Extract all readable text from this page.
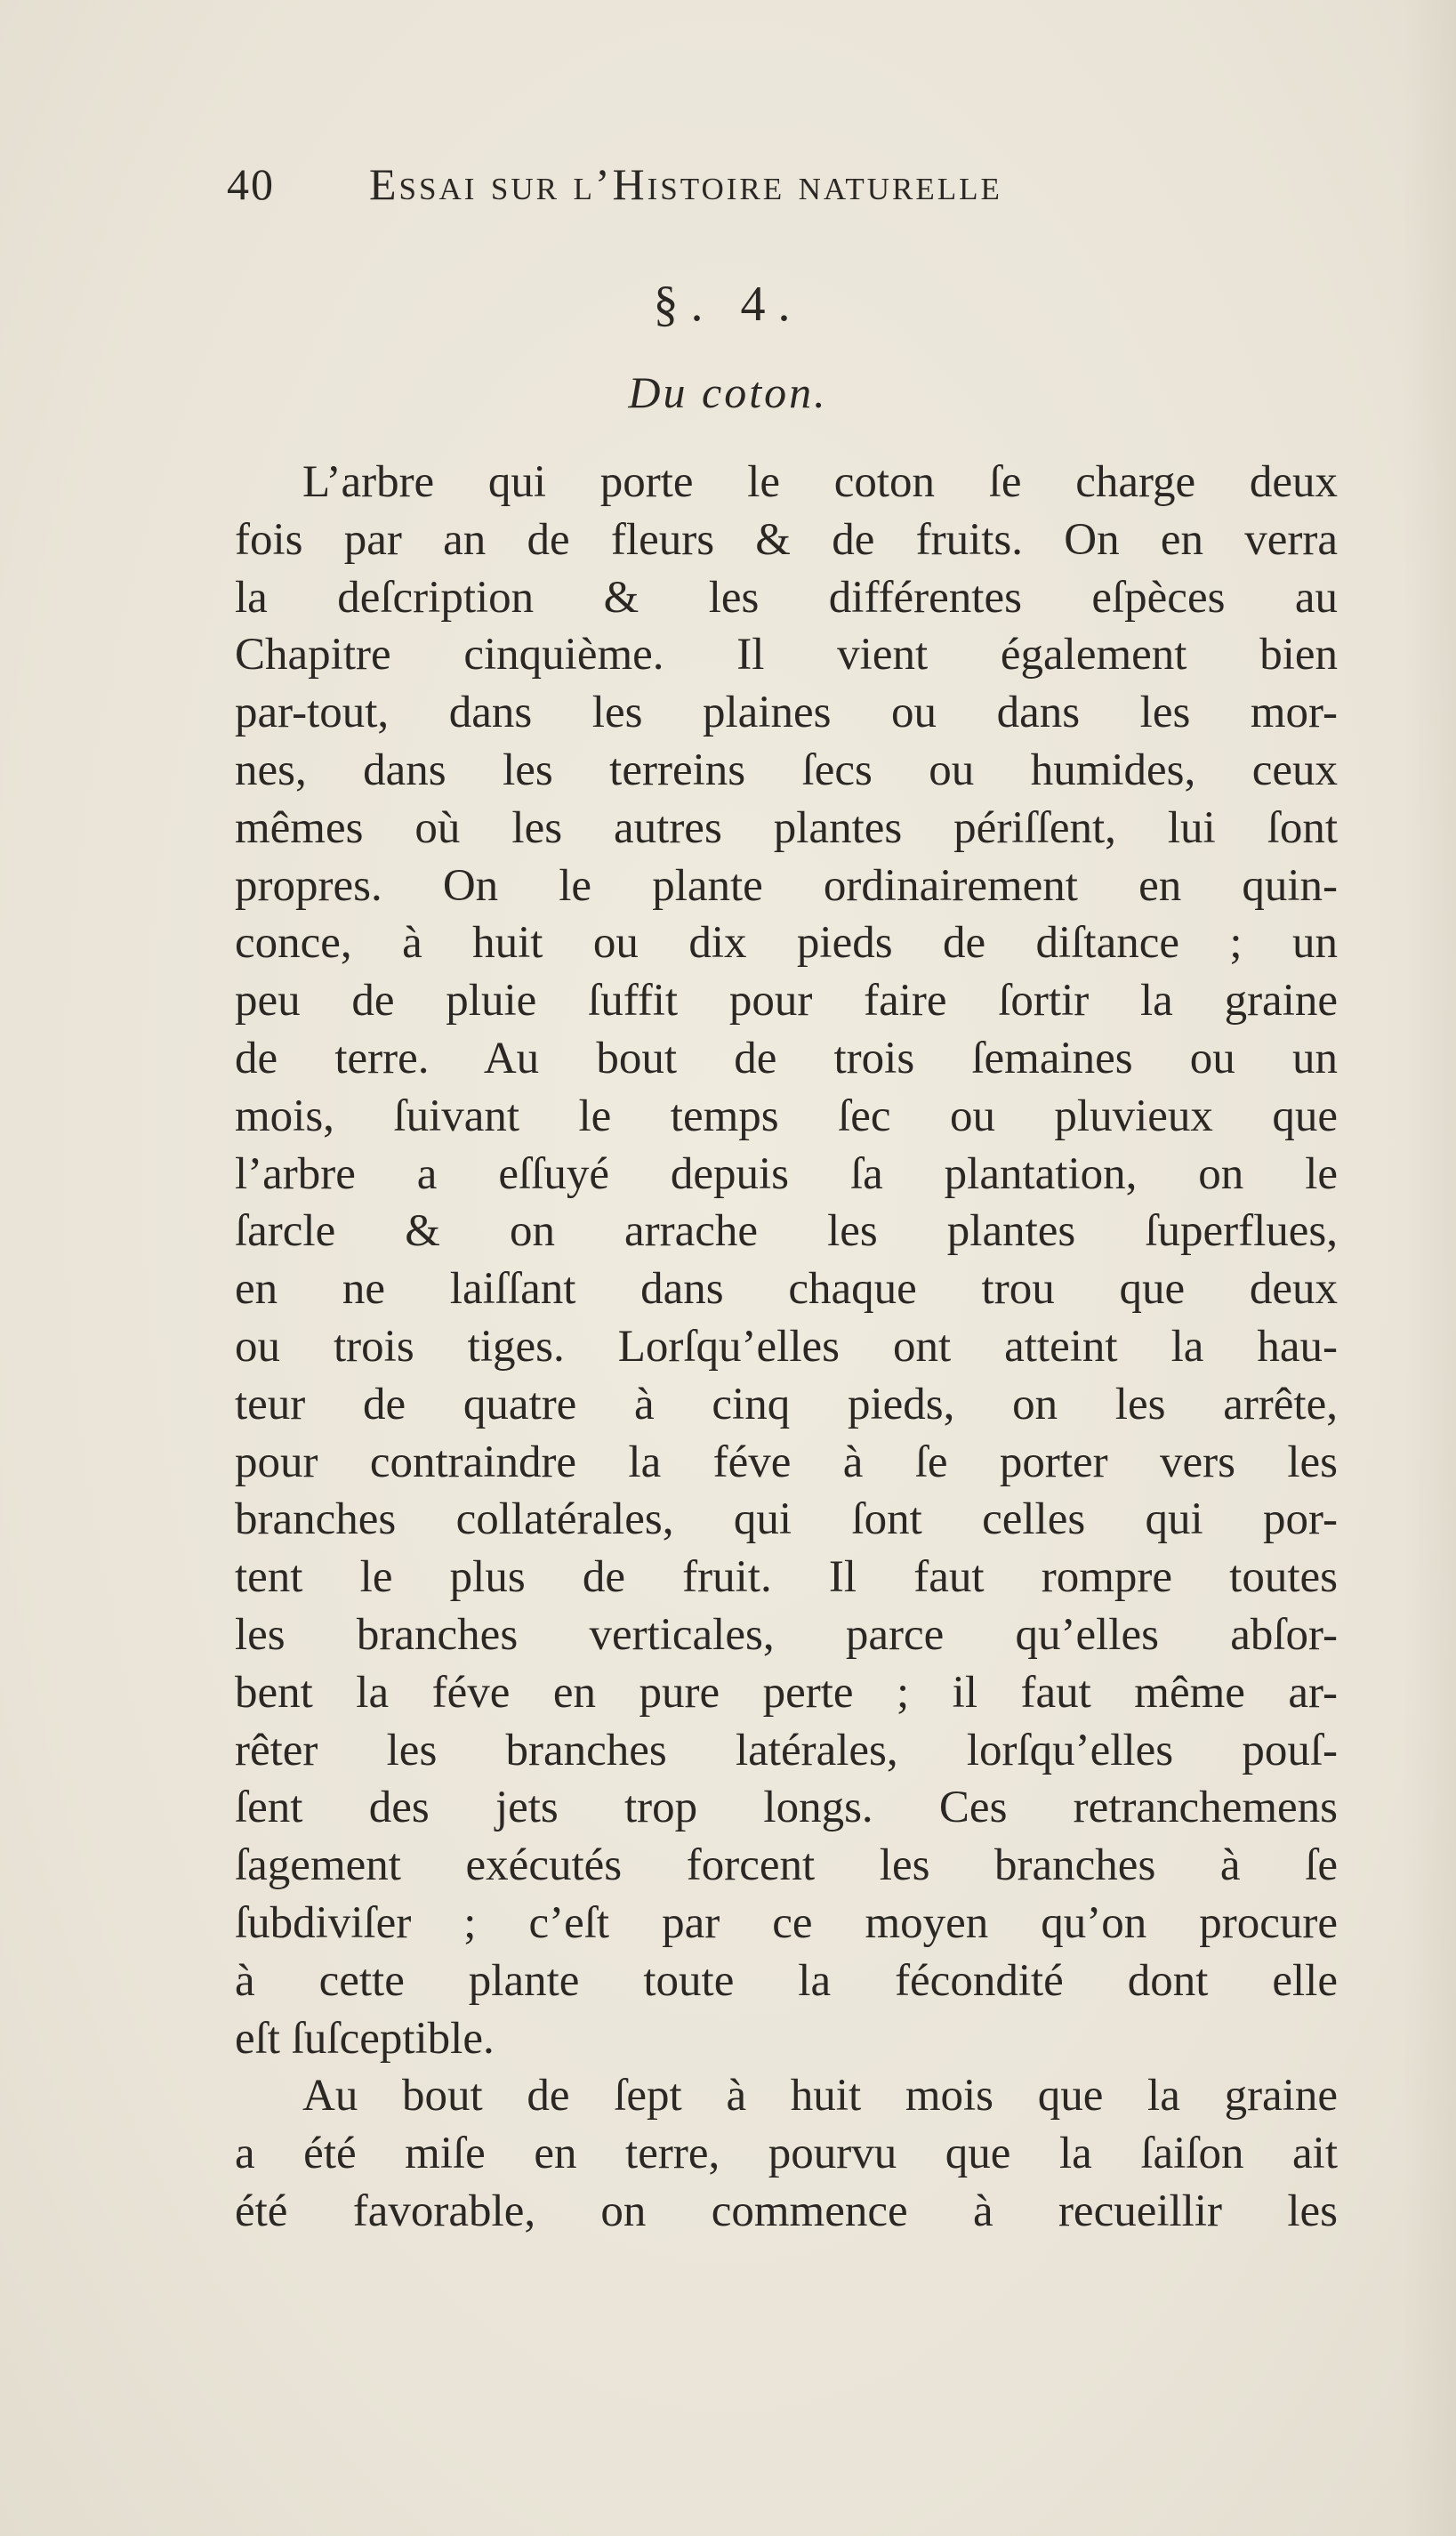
40 Essai sur l’Histoire naturelle
§. 4.
Du coton.
L’arbre qui porte le coton ſe charge deux
fois par an de fleurs & de fruits. On en verra
la deſcription & les différentes eſpèces au
Chapitre cinquième. Il vient également bien
par-tout, dans les plaines ou dans les mor-
nes, dans les terreins ſecs ou humides, ceux
mêmes où les autres plantes périſſent, lui ſont
propres. On le plante ordinairement en quin-
conce, à huit ou dix pieds de diſtance ; un
peu de pluie ſuffit pour faire ſortir la graine
de terre. Au bout de trois ſemaines ou un
mois, ſuivant le temps ſec ou pluvieux que
l’arbre a eſſuyé depuis ſa plantation, on le
ſarcle & on arrache les plantes ſuperflues,
en ne laiſſant dans chaque trou que deux
ou trois tiges. Lorſqu’elles ont atteint la hau-
teur de quatre à cinq pieds, on les arrête,
pour contraindre la féve à ſe porter vers les
branches collatérales, qui ſont celles qui por-
tent le plus de fruit. Il faut rompre toutes
les branches verticales, parce qu’elles abſor-
bent la féve en pure perte ; il faut même ar-
rêter les branches latérales, lorſqu’elles pouſ-
ſent des jets trop longs. Ces retranchemens
ſagement exécutés forcent les branches à ſe
ſubdiviſer ; c’eſt par ce moyen qu’on procure
à cette plante toute la fécondité dont elle
eſt ſuſceptible.
Au bout de ſept à huit mois que la graine
a été miſe en terre, pourvu que la ſaiſon ait
été favorable, on commence à recueillir les
